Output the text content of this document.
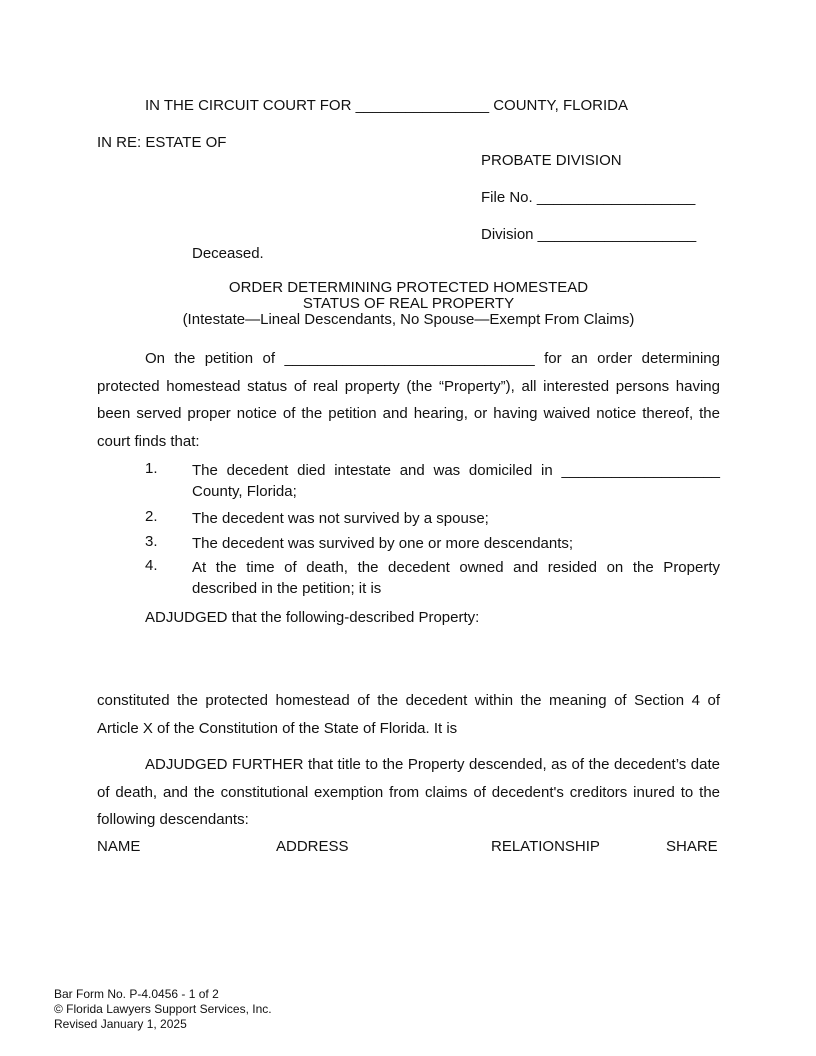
IN THE CIRCUIT COURT FOR ________________ COUNTY, FLORIDA
IN RE: ESTATE OF
PROBATE DIVISION
File No. ___________________
Division ___________________
Deceased.
ORDER DETERMINING PROTECTED HOMESTEAD
STATUS OF REAL PROPERTY
(Intestate—Lineal Descendants, No Spouse—Exempt From Claims)
On the petition of ______________________________ for an order determining protected homestead status of real property (the “Property”), all interested persons having been served proper notice of the petition and hearing, or having waived notice thereof, the court finds that:
1. The decedent died intestate and was domiciled in ___________________ County, Florida;
2. The decedent was not survived by a spouse;
3. The decedent was survived by one or more descendants;
4. At the time of death, the decedent owned and resided on the Property described in the petition; it is
ADJUDGED that the following-described Property:
constituted the protected homestead of the decedent within the meaning of Section 4 of Article X of the Constitution of the State of Florida. It is
ADJUDGED FURTHER that title to the Property descended, as of the decedent’s date of death, and the constitutional exemption from claims of decedent's creditors inured to the following descendants:
NAME	ADDRESS	RELATIONSHIP	SHARE
Bar Form No. P-4.0456 - 1 of 2
© Florida Lawyers Support Services, Inc.
Revised January 1, 2025
